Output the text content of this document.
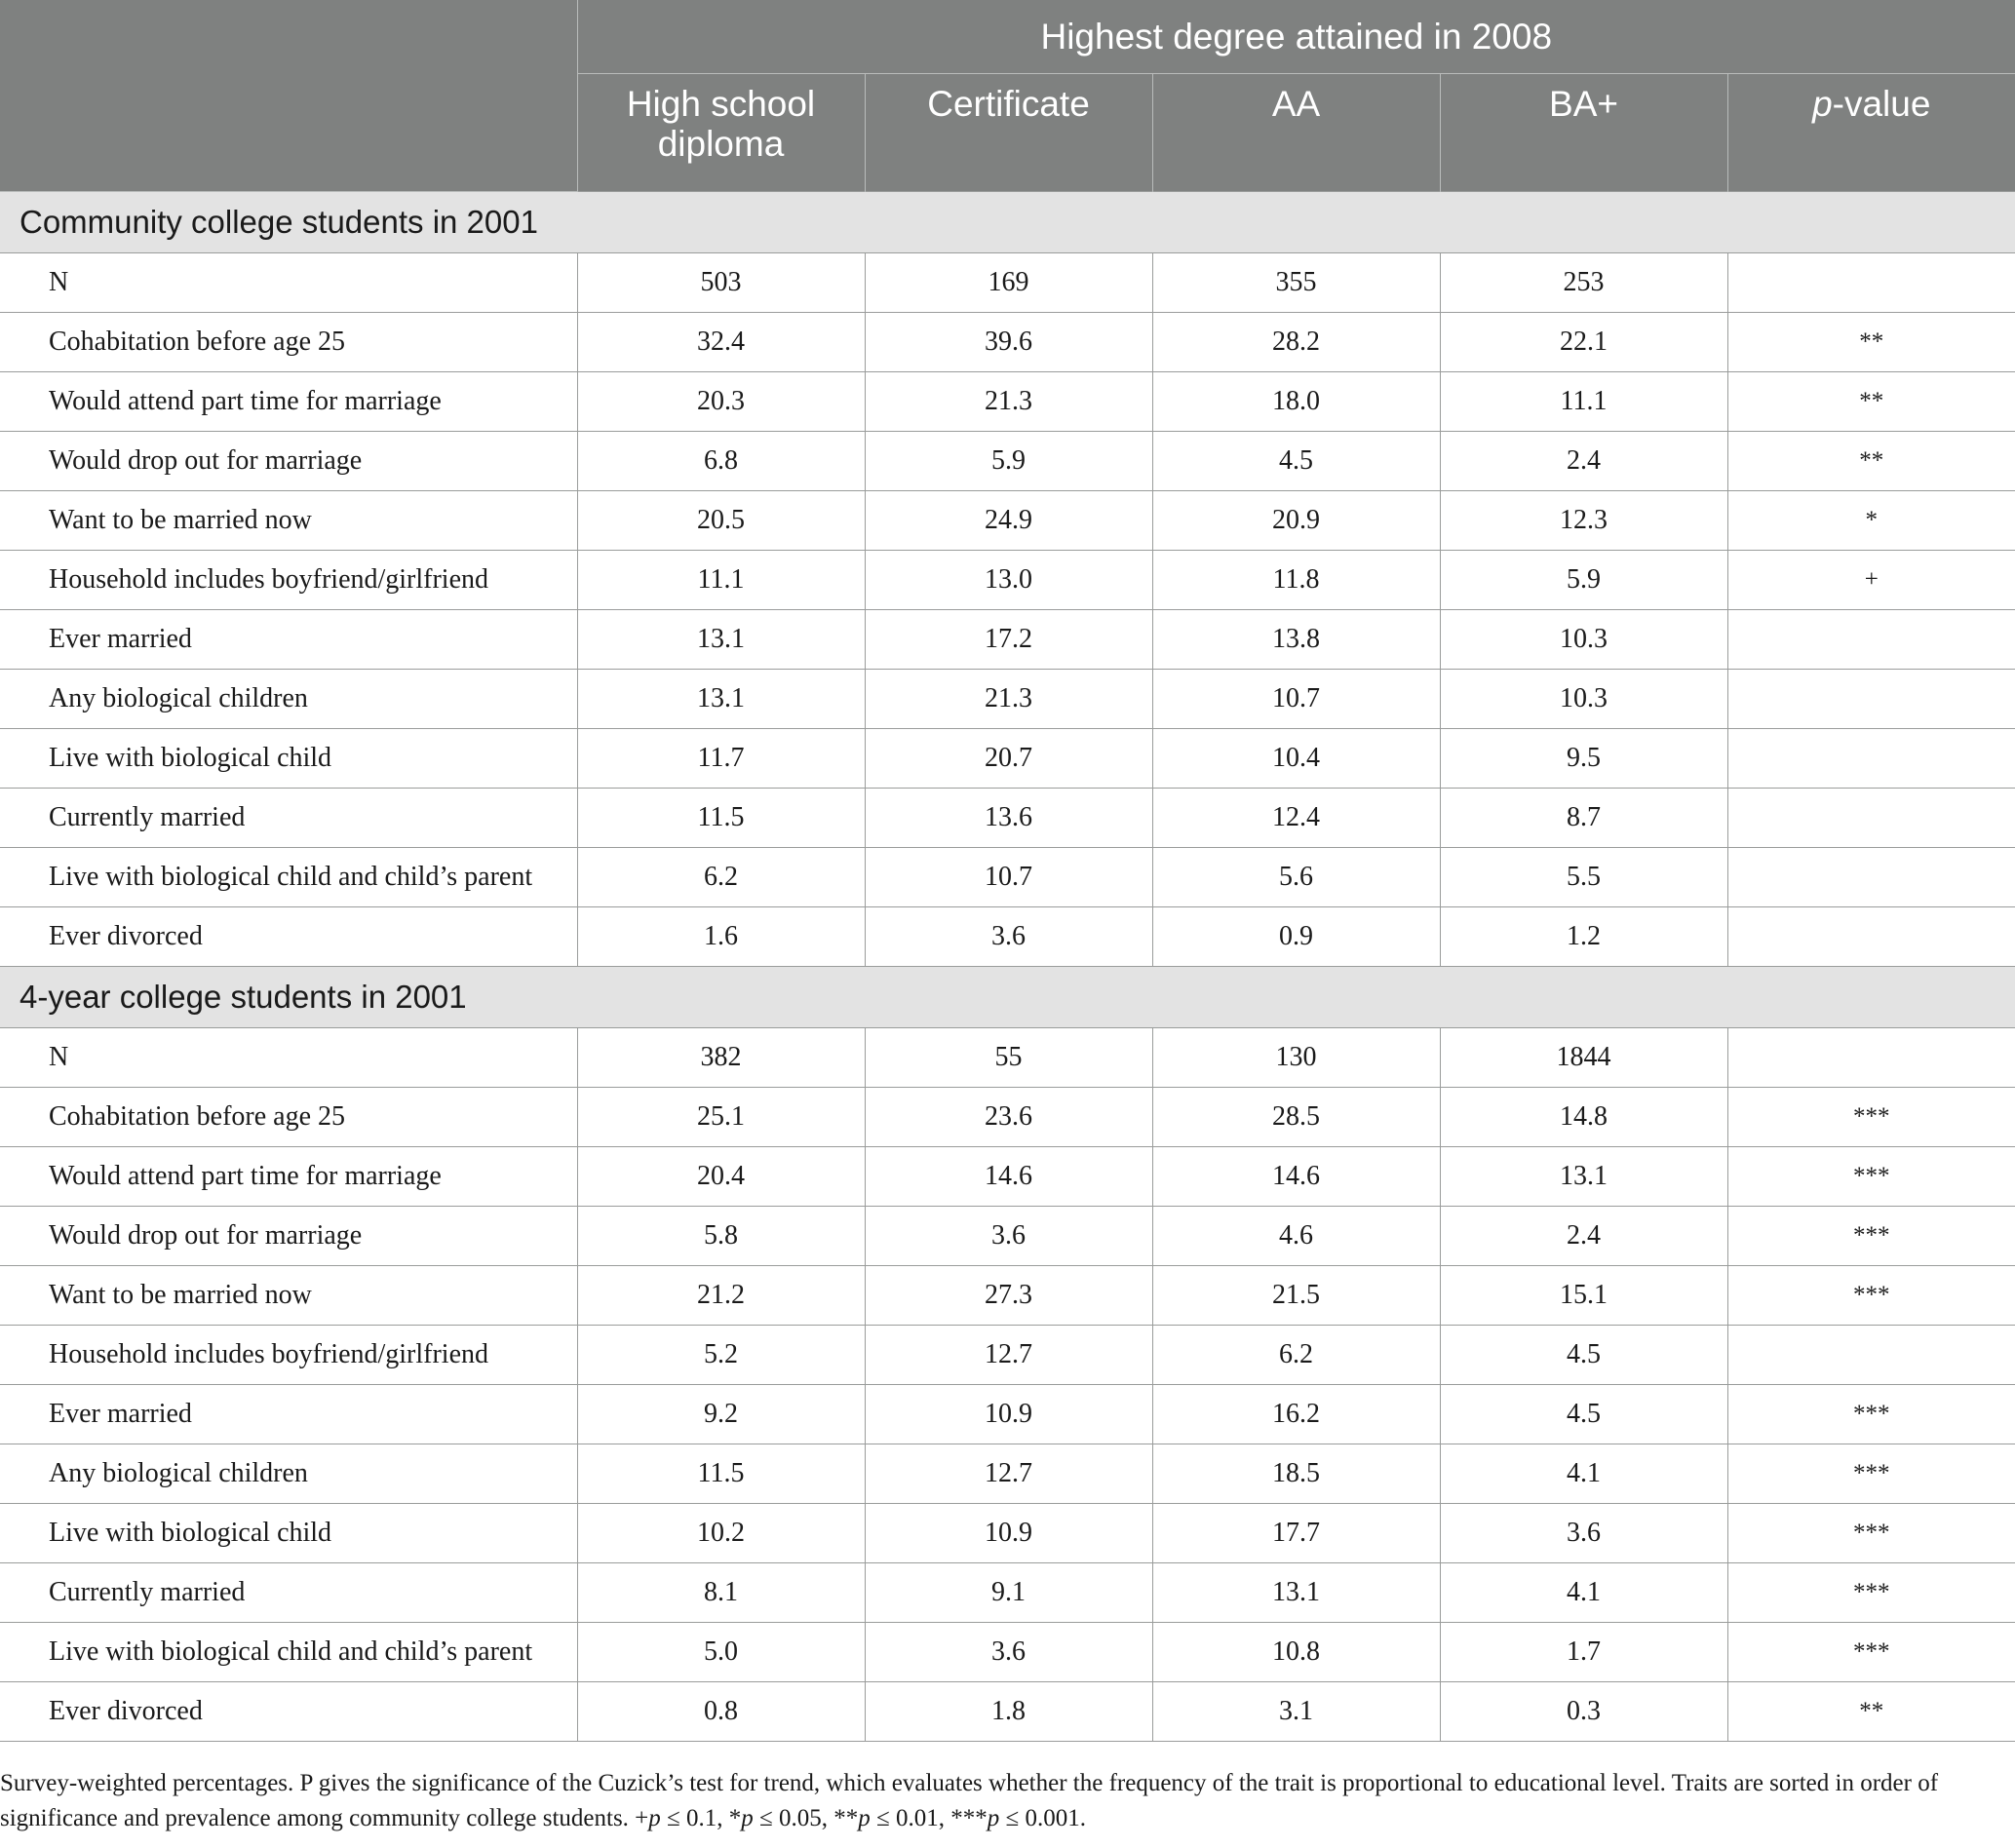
	Highest degree attained in 2008				
	High school
diploma	Certificate	AA	BA+	p-value
Community college students in 2001					
N	503	169	355	253	
Cohabitation before age 25	32.4	39.6	28.2	22.1	**
Would attend part time for marriage	20.3	21.3	18.0	11.1	**
Would drop out for marriage	6.8	5.9	4.5	2.4	**
Want to be married now	20.5	24.9	20.9	12.3	*
Household includes boyfriend/girlfriend	11.1	13.0	11.8	5.9	+
Ever married	13.1	17.2	13.8	10.3	
Any biological children	13.1	21.3	10.7	10.3	
Live with biological child	11.7	20.7	10.4	9.5	
Currently married	11.5	13.6	12.4	8.7	
Live with biological child and child’s parent	6.2	10.7	5.6	5.5	
Ever divorced	1.6	3.6	0.9	1.2	
4-year college students in 2001					
N	382	55	130	1844	
Cohabitation before age 25	25.1	23.6	28.5	14.8	***
Would attend part time for marriage	20.4	14.6	14.6	13.1	***
Would drop out for marriage	5.8	3.6	4.6	2.4	***
Want to be married now	21.2	27.3	21.5	15.1	***
Household includes boyfriend/girlfriend	5.2	12.7	6.2	4.5	
Ever married	9.2	10.9	16.2	4.5	***
Any biological children	11.5	12.7	18.5	4.1	***
Live with biological child	10.2	10.9	17.7	3.6	***
Currently married	8.1	9.1	13.1	4.1	***
Live with biological child and child’s parent	5.0	3.6	10.8	1.7	***
Ever divorced	0.8	1.8	3.1	0.3	**
Survey-weighted percentages. P gives the significance of the Cuzick’s test for trend, which evaluates whether the frequency of the trait is proportional to educational level. Traits are sorted in order of significance and prevalence among community college students. +p ≤ 0.1, *p ≤ 0.05, **p ≤ 0.01, ***p ≤ 0.001.
